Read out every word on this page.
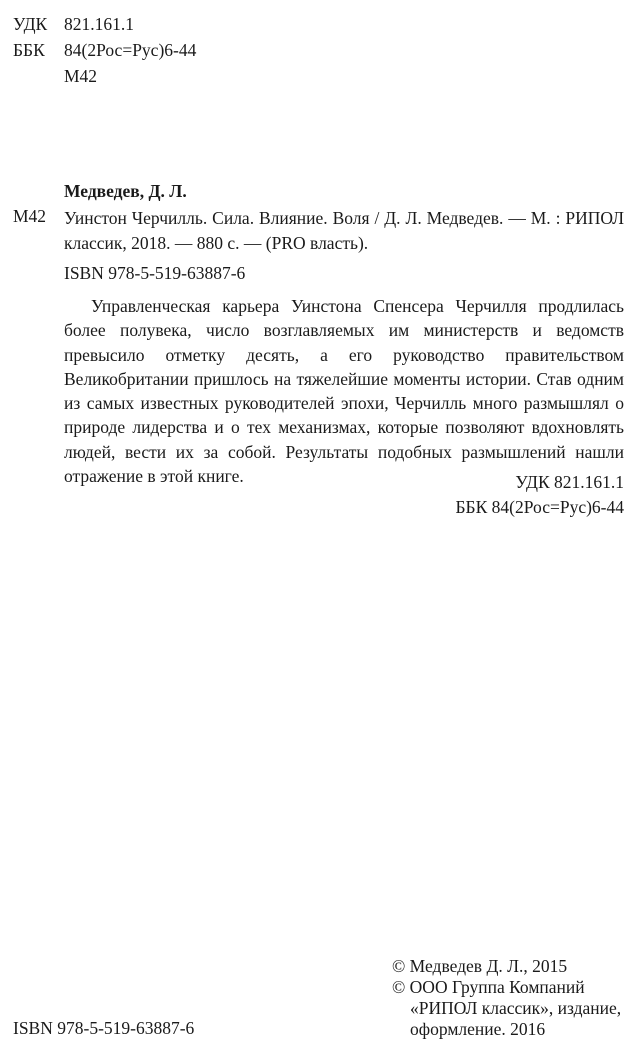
УДК 821.161.1
ББК 84(2Рос=Рус)6-44
М42
Медведев, Д. Л.
М42 Уинстон Черчилль. Сила. Влияние. Воля / Д. Л. Медведев. — М. : РИПОЛ классик, 2018. — 880 с. — (PRO власть).
ISBN 978-5-519-63887-6

Управленческая карьера Уинстона Спенсера Черчилля продлилась более полувека, число возглавляемых им министерств и ведомств превысило отметку десять, а его руководство правительством Великобритании пришлось на тяжелейшие моменты истории. Став одним из самых известных руководителей эпохи, Черчилль много размышлял о природе лидерства и о тех механизмах, которые позволяют вдохновлять людей, вести их за собой. Результаты подобных размышлений нашли отражение в этой книге.	УДК 821.161.1
ББК 84(2Рос=Рус)6-44
© Медведев Д. Л., 2015
© ООО Группа Компаний
«РИПОЛ классик», издание,
оформление. 2016
ISBN 978-5-519-63887-6
